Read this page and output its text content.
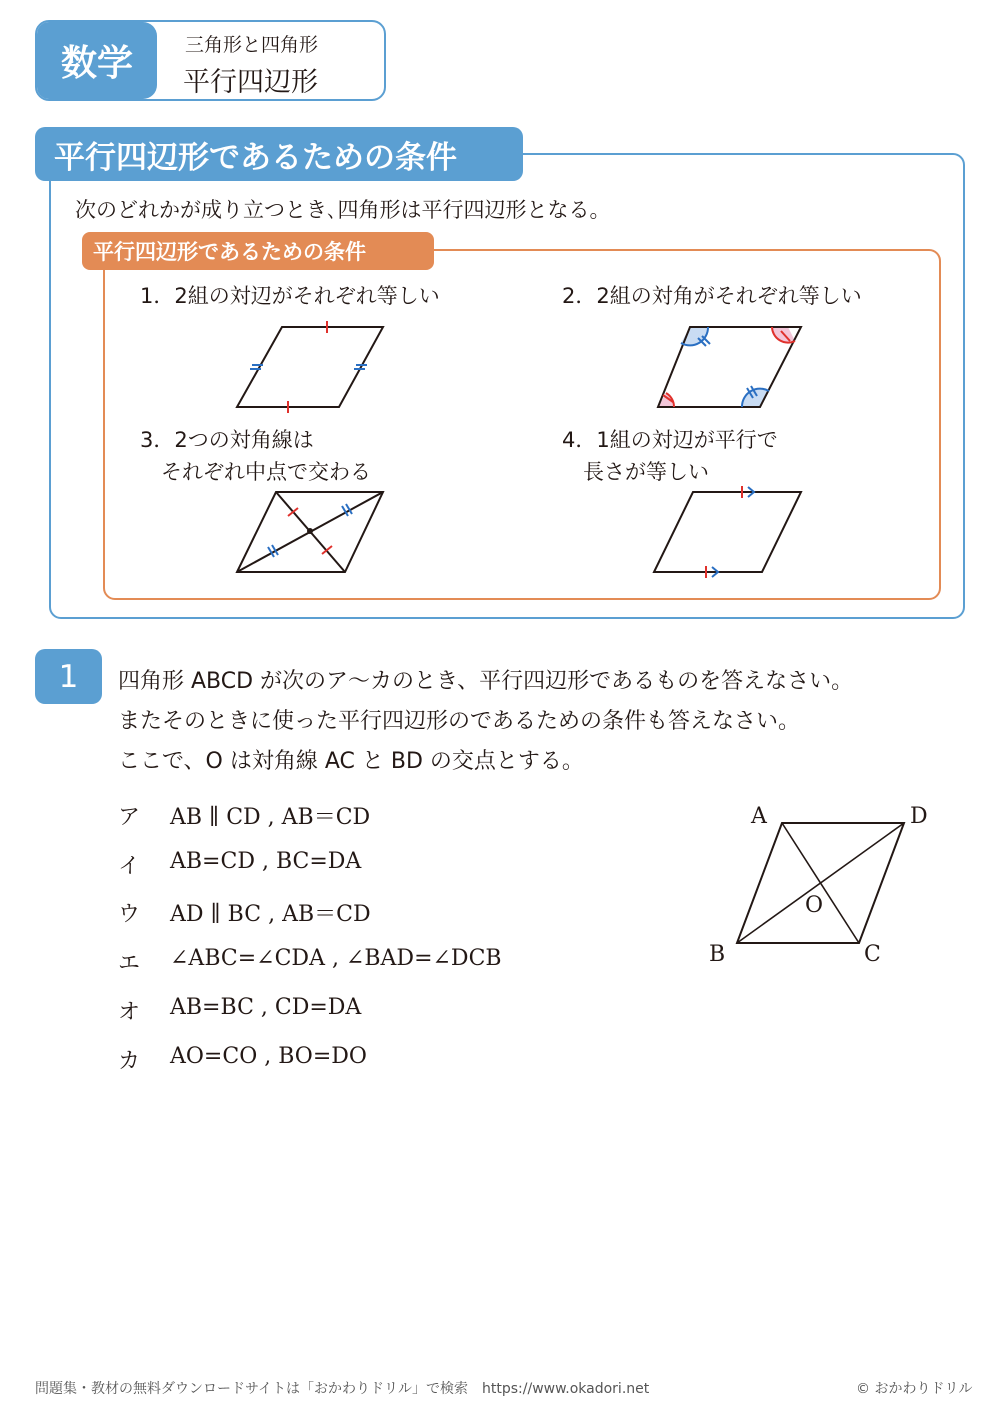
数学	三角形と四角形
平行四辺形
平行四辺形であるための条件
次のどれかが成り立つとき､四角形は平行四辺形となる。
平行四辺形であるための条件
1．2組の対辺がそれぞれ等しい	2．2組の対角がそれぞれ等しい
3．2つの対角線は
　それぞれ中点で交わる
4．1組の対辺が平行で
　長さが等しい
1	四角形 ABCD が次のア～カのとき、平行四辺形であるものを答えなさい。
またそのときに使った平行四辺形のであるための条件も答えなさい。
ここで、O は対角線 AC と BD の交点とする。
ア AB ∥ CD , AB＝CD
イ AB=CD , BC=DA
ウ AD ∥ BC , AB＝CD
エ ∠ABC=∠CDA , ∠BAD=∠DCB
オ AB=BC , CD=DA
カ AO=CO , BO=DO
A	D
B	C
O
問題集・教材の無料ダウンロードサイトは「おかわりドリル」で検索　https://www.okadori.net	© おかわりドリル
